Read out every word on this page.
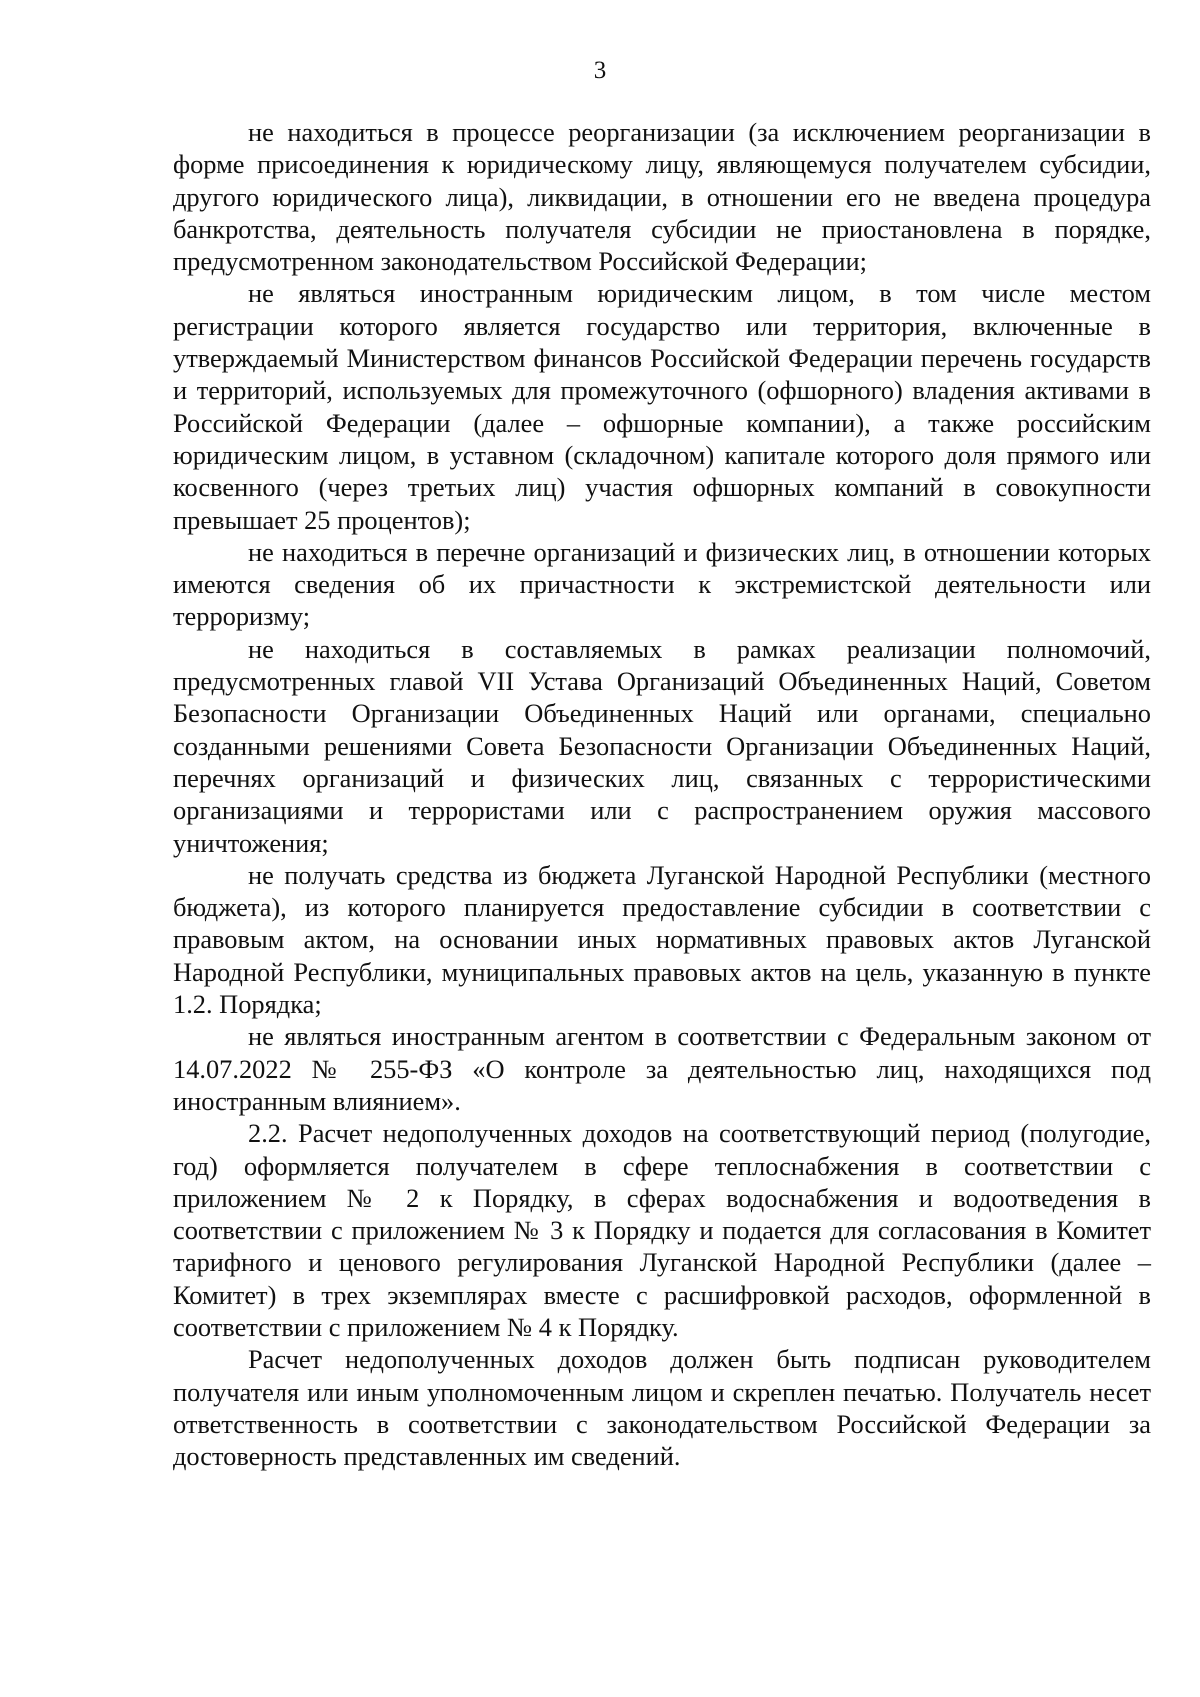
3

не находиться в процессе реорганизации (за исключением реорганизации в форме присоединения к юридическому лицу, являющемуся получателем субсидии, другого юридического лица), ликвидации, в отношении его не введена процедура банкротства, деятельность получателя субсидии не приостановлена в порядке, предусмотренном законодательством Российской Федерации;

не являться иностранным юридическим лицом, в том числе местом регистрации которого является государство или территория, включенные в утверждаемый Министерством финансов Российской Федерации перечень государств и территорий, используемых для промежуточного (офшорного) владения активами в Российской Федерации (далее – офшорные компании), а также российским юридическим лицом, в уставном (складочном) капитале которого доля прямого или косвенного (через третьих лиц) участия офшорных компаний в совокупности превышает 25 процентов);

не находиться в перечне организаций и физических лиц, в отношении которых имеются сведения об их причастности к экстремистской деятельности или терроризму;

не находиться в составляемых в рамках реализации полномочий, предусмотренных главой VII Устава Организаций Объединенных Наций, Советом Безопасности Организации Объединенных Наций или органами, специально созданными решениями Совета Безопасности Организации Объединенных Наций, перечнях организаций и физических лиц, связанных с террористическими организациями и террористами или с распространением оружия массового уничтожения;

не получать средства из бюджета Луганской Народной Республики (местного бюджета), из которого планируется предоставление субсидии в соответствии с правовым актом, на основании иных нормативных правовых актов Луганской Народной Республики, муниципальных правовых актов на цель, указанную в пункте 1.2. Порядка;

не являться иностранным агентом в соответствии с Федеральным законом от 14.07.2022 № 255-ФЗ «О контроле за деятельностью лиц, находящихся под иностранным влиянием».

2.2. Расчет недополученных доходов на соответствующий период (полугодие, год) оформляется получателем в сфере теплоснабжения в соответствии с приложением № 2 к Порядку, в сферах водоснабжения и водоотведения в соответствии с приложением № 3 к Порядку и подается для согласования в Комитет тарифного и ценового регулирования Луганской Народной Республики (далее – Комитет) в трех экземплярах вместе с расшифровкой расходов, оформленной в соответствии с приложением № 4 к Порядку.

Расчет недополученных доходов должен быть подписан руководителем получателя или иным уполномоченным лицом и скреплен печатью. Получатель несет ответственность в соответствии с законодательством Российской Федерации за достоверность представленных им сведений.
